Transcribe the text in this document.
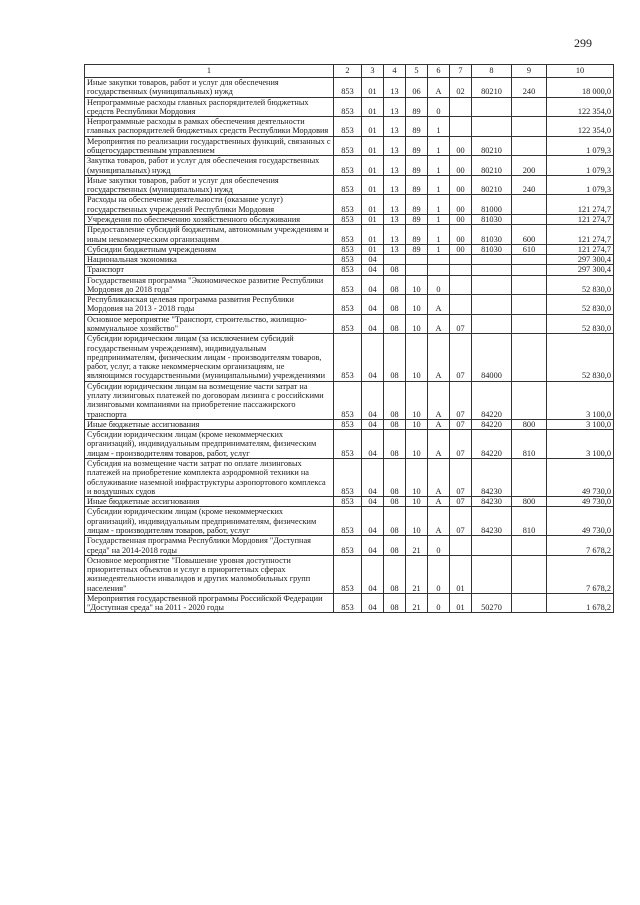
299
1	2	3	4	5	6	7	8	9	10
Иные закупки товаров, работ и услуг для обеспечения государственных (муниципальных) нужд	853	01	13	06	А	02	80210	240	18 000,0
Непрограммные расходы главных распорядителей бюджетных средств Республики Мордовия	853	01	13	89	0				122 354,0
Непрограммные расходы в рамках обеспечения деятельности главных распорядителей бюджетных средств Республики Мордовия	853	01	13	89	1				122 354,0
Мероприятия по реализации государственных функций, связанных с общегосударственным управлением	853	01	13	89	1	00	80210		1 079,3
Закупка товаров, работ и услуг для обеспечения государственных (муниципальных) нужд	853	01	13	89	1	00	80210	200	1 079,3
Иные закупки товаров, работ и услуг для обеспечения государственных (муниципальных) нужд	853	01	13	89	1	00	80210	240	1 079,3
Расходы на обеспечение деятельности (оказание услуг) государственных учреждений Республики Мордовия	853	01	13	89	1	00	81000		121 274,7
Учреждения по обеспечению хозяйственного обслуживания	853	01	13	89	1	00	81030		121 274,7
Предоставление субсидий бюджетным, автономным учреждениям и иным некоммерческим организациям	853	01	13	89	1	00	81030	600	121 274,7
Субсидии бюджетным учреждениям	853	01	13	89	1	00	81030	610	121 274,7
Национальная экономика	853	04							297 300,4
Транспорт	853	04	08						297 300,4
Государственная программа "Экономическое развитие Республики Мордовия до 2018 года"	853	04	08	10	0				52 830,0
Республиканская целевая программа развития Республики Мордовия на 2013 - 2018 годы	853	04	08	10	А				52 830,0
Основное мероприятие "Транспорт, строительство, жилищно-коммунальное хозяйство"	853	04	08	10	А	07			52 830,0
Субсидии юридическим лицам (за исключением субсидий государственным учреждениям), индивидуальным предпринимателям, физическим лицам - производителям товаров, работ, услуг, а также некоммерческим организациям, не являющимся государственными (муниципальными) учреждениями	853	04	08	10	А	07	84000		52 830,0
Субсидии юридическим лицам на возмещение части затрат на уплату лизинговых платежей по договорам лизинга с российскими лизинговыми компаниями на приобретение пассажирского транспорта	853	04	08	10	А	07	84220		3 100,0
Иные бюджетные ассигнования	853	04	08	10	А	07	84220	800	3 100,0
Субсидии юридическим лицам (кроме некоммерческих организаций), индивидуальным предпринимателям, физическим лицам - производителям товаров, работ, услуг	853	04	08	10	А	07	84220	810	3 100,0
Субсидия на возмещение части затрат по оплате лизинговых платежей на приобретение комплекта аэродромной техники на обслуживание наземной инфраструктуры аэропортового комплекса и воздушных судов	853	04	08	10	А	07	84230		49 730,0
Иные бюджетные ассигнования	853	04	08	10	А	07	84230	800	49 730,0
Субсидии юридическим лицам (кроме некоммерческих организаций), индивидуальным предпринимателям, физическим лицам - производителям товаров, работ, услуг	853	04	08	10	А	07	84230	810	49 730,0
Государственная программа Республики Мордовия "Доступная среда" на 2014-2018 годы	853	04	08	21	0				7 678,2
Основное мероприятие "Повышение уровня доступности приоритетных объектов и услуг в приоритетных сферах жизнедеятельности инвалидов и других маломобильных групп населения"	853	04	08	21	0	01			7 678,2
Мероприятия государственной программы Российской Федерации "Доступная среда" на 2011 - 2020 годы	853	04	08	21	0	01	50270		1 678,2
